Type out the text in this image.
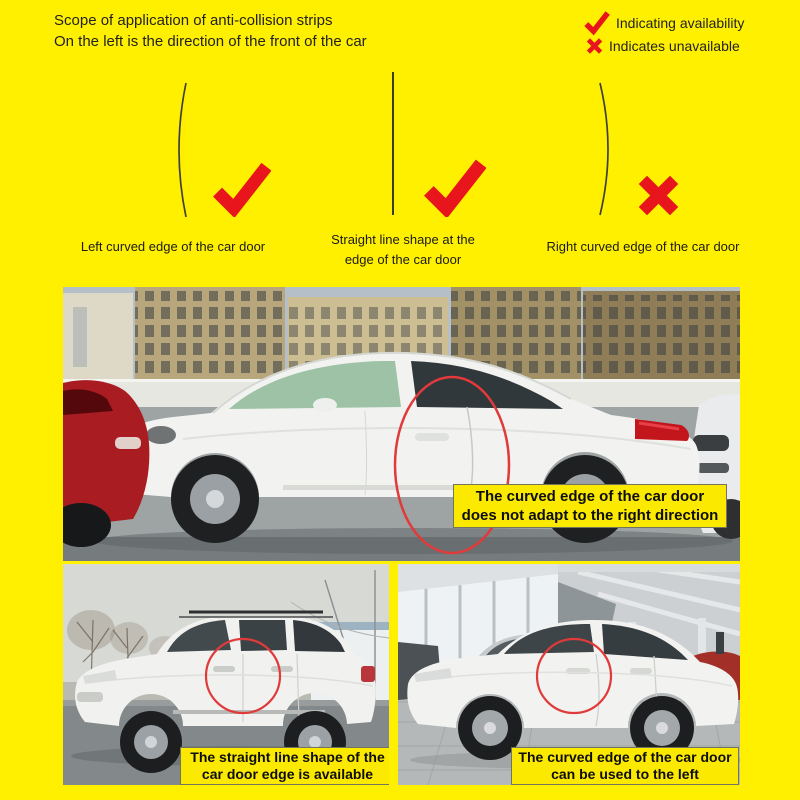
Scope of application of anti-collision strips
On the left is the direction of the front of the car
Indicating availability
Indicates unavailable
Left curved edge of the car door	Straight line shape at the
edge of the car door
Right curved edge of the car door
The curved edge of the car door
does not adapt to the right direction
The straight line shape of the
car door edge is available
The curved edge of the car door
can be used to the left
